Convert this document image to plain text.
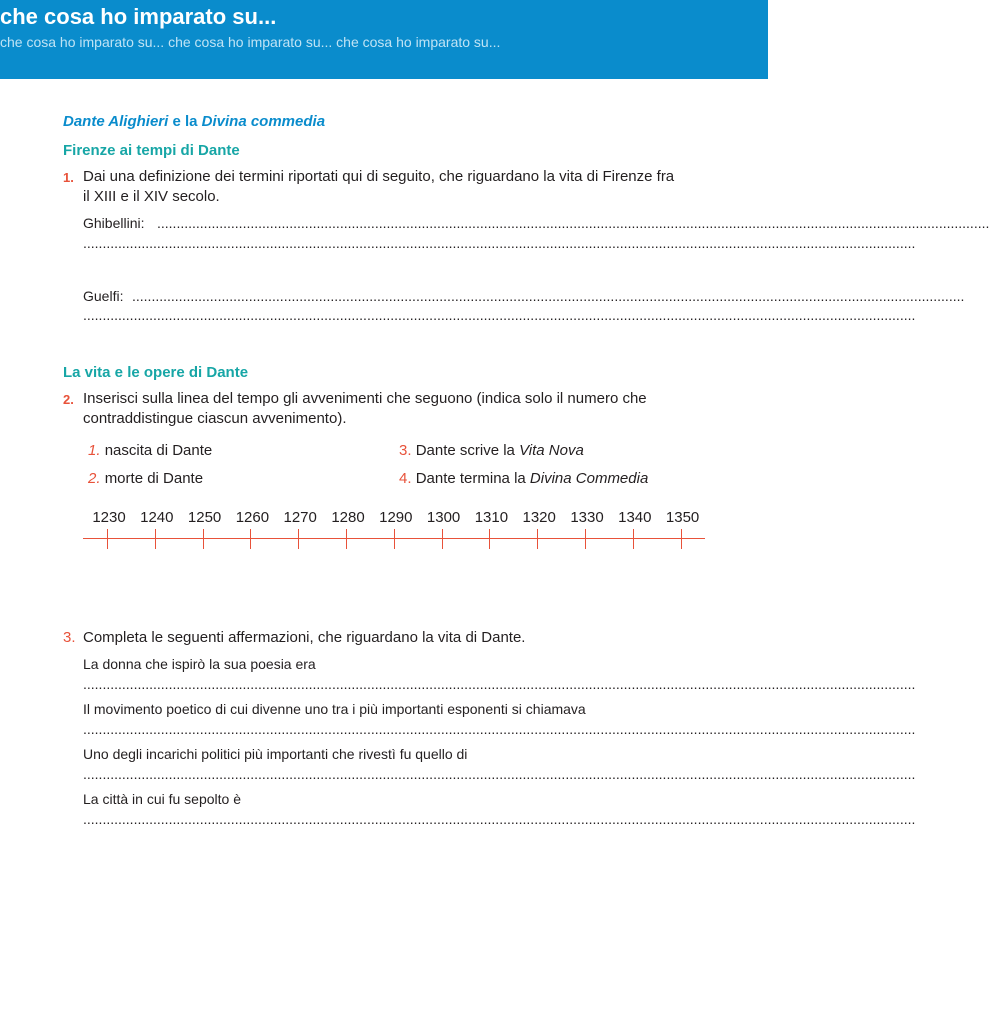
che cosa ho imparato su...
che cosa ho imparato su... che cosa ho imparato su... che cosa ho imparato su...
Dante Alighieri e la Divina commedia
Firenze ai tempi di Dante
1. Dai una definizione dei termini riportati qui di seguito, che riguardano la vita di Firenze fra il XIII e il XIV secolo.
Ghibellini: ......................................................................................................................................................................................................................
......................................................................................................................................................................................................................
Guelfi: ......................................................................................................................................................................................................................
......................................................................................................................................................................................................................
La vita e le opere di Dante
2. Inserisci sulla linea del tempo gli avvenimenti che seguono (indica solo il numero che contraddistingue ciascun avvenimento).
1. nascita di Dante
2. morte di Dante
3. Dante scrive la Vita Nova
4. Dante termina la Divina Commedia
1230 1240 1250 1260 1270 1280 1290 1300 1310 1320 1330 1340 1350
3. Completa le seguenti affermazioni, che riguardano la vita di Dante.
La donna che ispirò la sua poesia era
......................................................................................................................................................................................................................
Il movimento poetico di cui divenne uno tra i più importanti esponenti si chiamava
......................................................................................................................................................................................................................
Uno degli incarichi politici più importanti che rivestì fu quello di
......................................................................................................................................................................................................................
La città in cui fu sepolto è
......................................................................................................................................................................................................................
